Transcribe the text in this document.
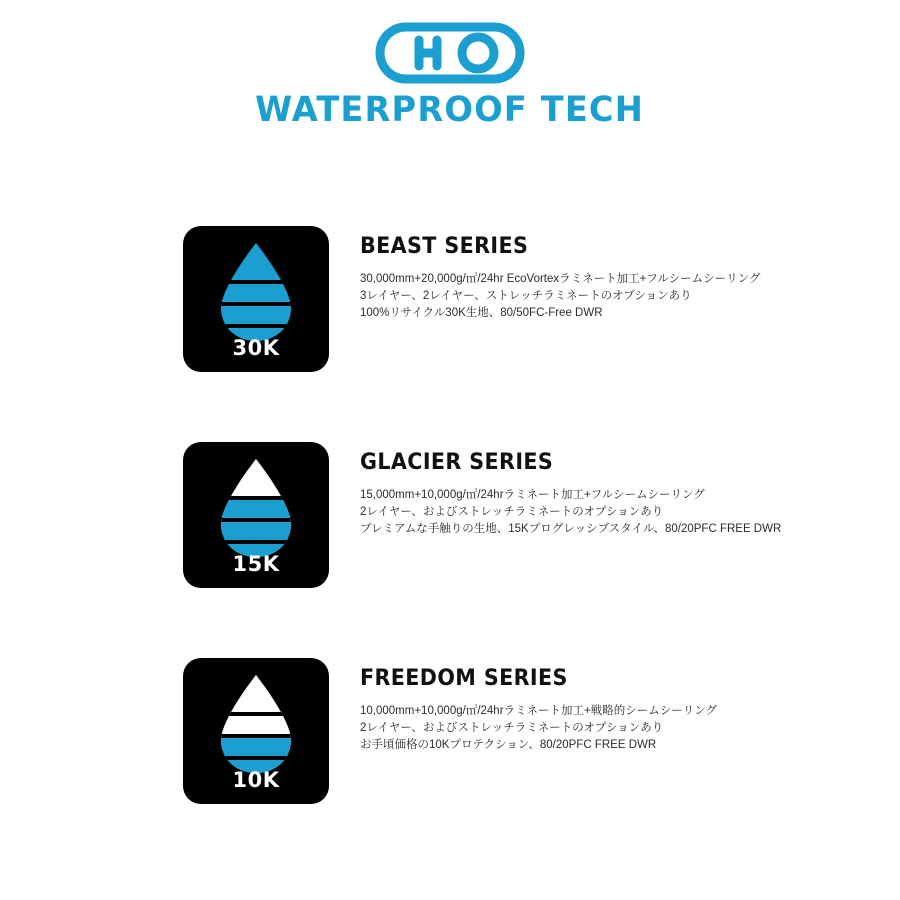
WATERPROOF TECH
30K
BEAST SERIES
30,000mm+20,000g/㎡/24hr EcoVortexラミネート加工+フルシームシーリング
3レイヤー、2レイヤー、ストレッチラミネートのオプションあり
100%リサイクル30K生地、80/50FC-Free DWR
15K
GLACIER SERIES
15,000mm+10,000g/㎡/24hrラミネート加工+フルシームシーリング
2レイヤー、およびストレッチラミネートのオプションあり
プレミアムな手触りの生地、15Kプログレッシブスタイル、80/20PFC FREE DWR
10K
FREEDOM SERIES
10,000mm+10,000g/㎡/24hrラミネート加工+戦略的シームシーリング
2レイヤー、およびストレッチラミネートのオプションあり
お手頃価格の10Kプロテクション、80/20PFC FREE DWR
